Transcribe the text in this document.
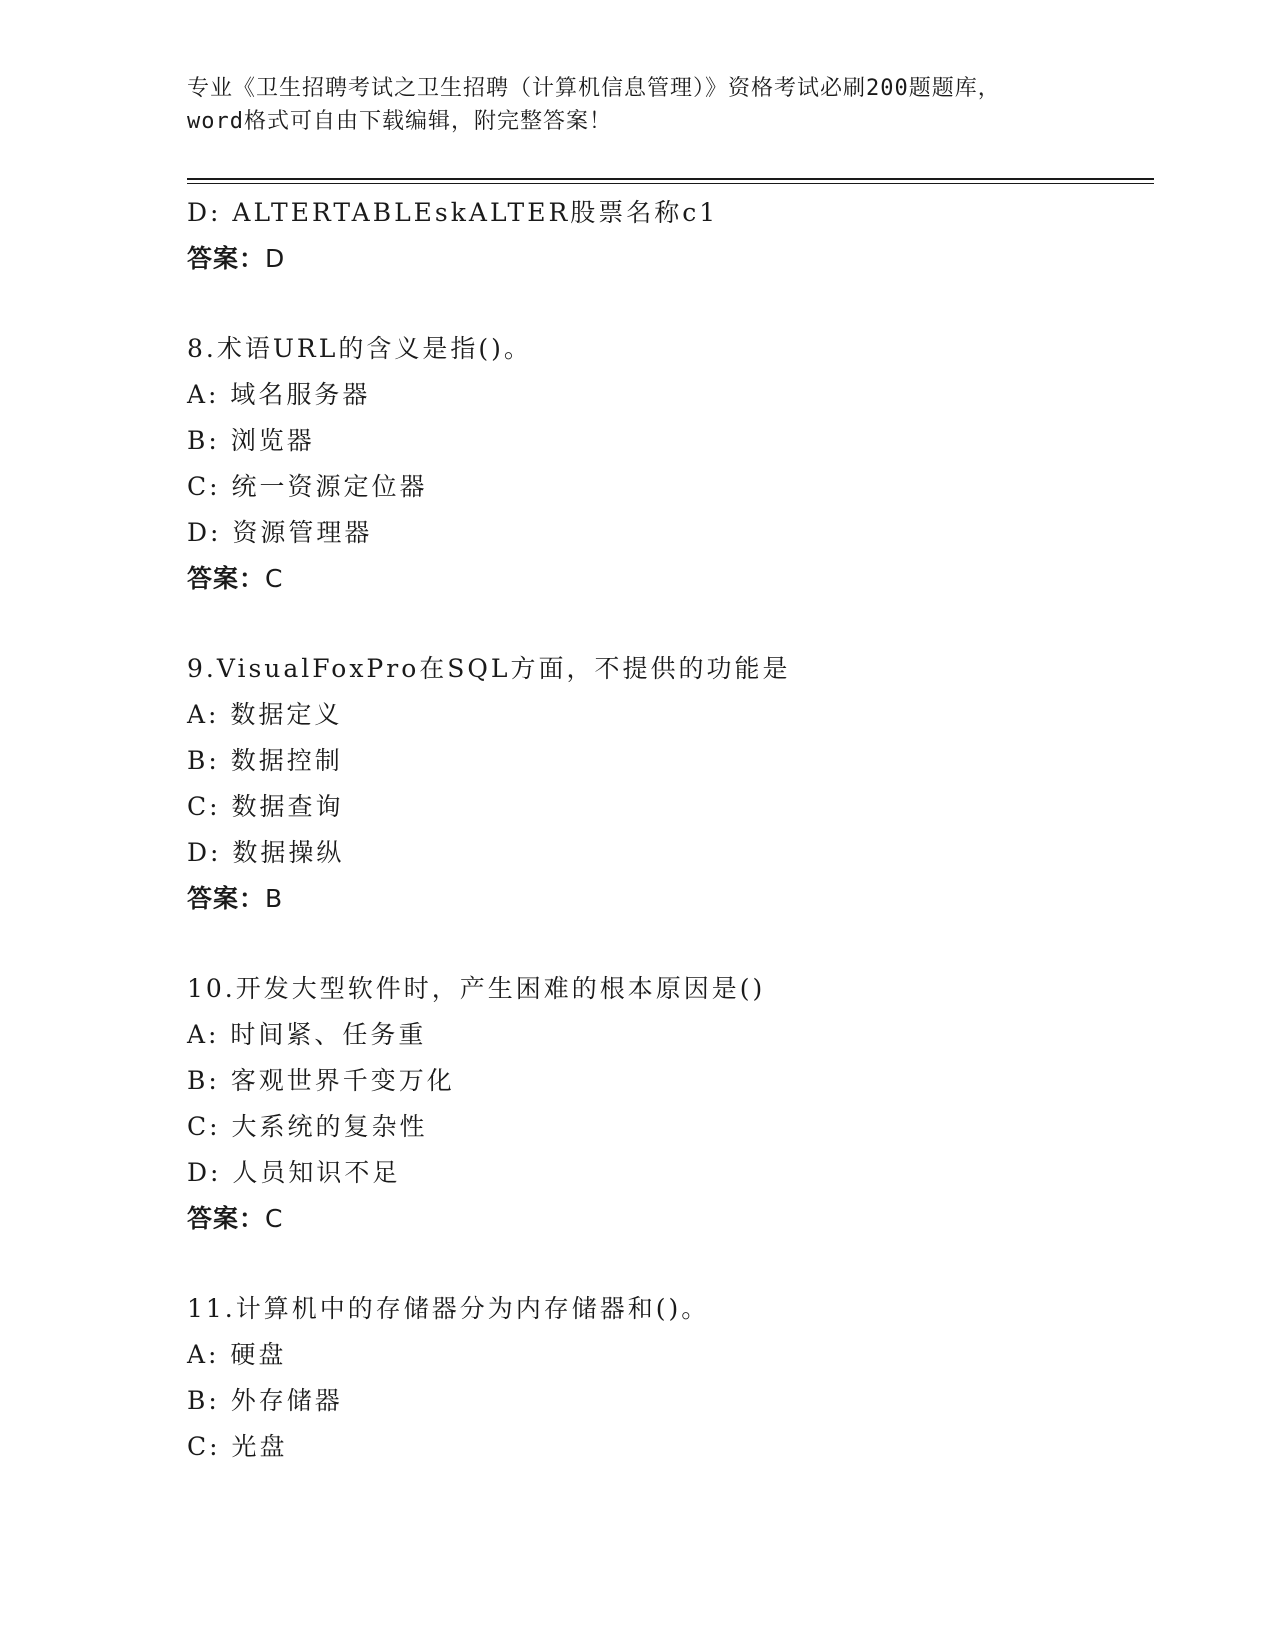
专业《卫生招聘考试之卫生招聘（计算机信息管理）》资格考试必刷200题题库，
word格式可自由下载编辑，附完整答案！
D: ALTERTABLEskALTER股票名称c1
答案：D
8.术语URL的含义是指()。
A: 域名服务器
B: 浏览器
C: 统一资源定位器
D: 资源管理器
答案：C
9.VisualFoxPro在SQL方面，不提供的功能是
A: 数据定义
B: 数据控制
C: 数据查询
D: 数据操纵
答案：B
10.开发大型软件时，产生困难的根本原因是()
A: 时间紧、任务重
B: 客观世界千变万化
C: 大系统的复杂性
D: 人员知识不足
答案：C
11.计算机中的存储器分为内存储器和()。
A: 硬盘
B: 外存储器
C: 光盘
